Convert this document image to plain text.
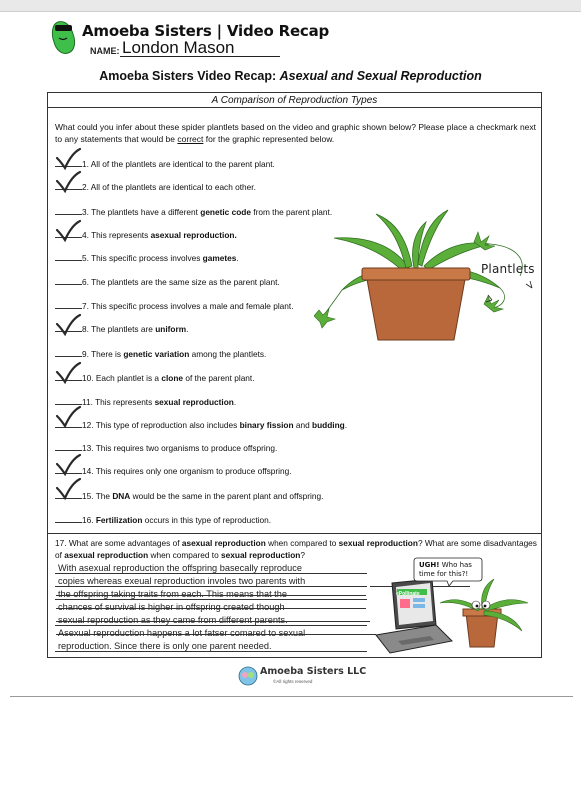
Amoeba Sisters | Video Recap
NAME: London Mason
Amoeba Sisters Video Recap: Asexual and Sexual Reproduction
A Comparison of Reproduction Types
What could you infer about these spider plantlets based on the video and graphic shown below? Please place a checkmark next to any statements that would be correct for the graphic represented below.
1. All of the plantlets are identical to the parent plant.
2. All of the plantlets are identical to each other.
3. The plantlets have a different genetic code from the parent plant.
4. This represents asexual reproduction.
5. This specific process involves gametes.
6. The plantlets are the same size as the parent plant.
7. This specific process involves a male and female plant.
8. The plantlets are uniform.
9. There is genetic variation among the plantlets.
10. Each plantlet is a clone of the parent plant.
11. This represents sexual reproduction.
12. This type of reproduction also includes binary fission and budding.
13. This requires two organisms to produce offspring.
14. This requires only one organism to produce offspring.
15. The DNA would be the same in the parent plant and offspring.
16. Fertilization occurs in this type of reproduction.
Plantlets
17. What are some advantages of asexual reproduction when compared to sexual reproduction? What are some disadvantages of asexual reproduction when compared to sexual reproduction?
With asexual reproduction the offspring basecally reproduce
copies whereas exeual reproduction involes two parents with
the offspring taking traits from each. This means that the
chances of survival is higher in offspring created though
sexual reproduction as they came from different parents.
Asexual reproduction happens a lot fatser comared to sexual
reproduction. Since there is only one parent needed.
UGH! Who has time for this?!
ePollinate
Amoeba Sisters LLC
©All rights reserved
